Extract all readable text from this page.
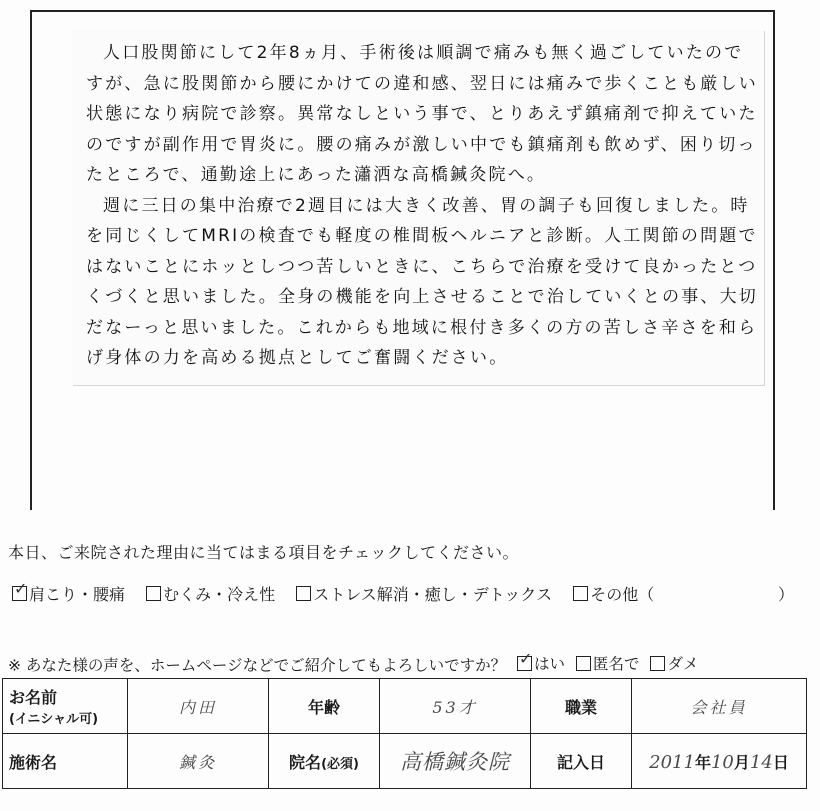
人口股関節にして2年8ヵ月、手術後は順調で痛みも無く過ごしていたのですが、急に股関節から腰にかけての違和感、翌日には痛みで歩くことも厳しい状態になり病院で診察。異常なしという事で、とりあえず鎮痛剤で抑えていたのですが副作用で胃炎に。腰の痛みが激しい中でも鎮痛剤も飲めず、困り切ったところで、通勤途上にあった瀟洒な高橋鍼灸院へ。

週に三日の集中治療で2週目には大きく改善、胃の調子も回復しました。時を同じくしてMRIの検査でも軽度の椎間板ヘルニアと診断。人工関節の問題ではないことにホッとしつつ苦しいときに、こちらで治療を受けて良かったとつくづくと思いました。全身の機能を向上させることで治していくとの事、大切だなーっと思いました。これからも地域に根付き多くの方の苦しさ辛さを和らげ身体の力を高める拠点としてご奮闘ください。

本日、ご来院された理由に当てはまる項目をチェックしてください。
✓ 肩こり・腰痛
むくみ・冷え性
ストレス解消・癒し・デトックス
その他（	）
※ あなた様の声を、ホームページなどでご紹介してもよろしいですか？ ✓ はい
匿名で
ダメ
お名前
(イニシャル可)	内田	年齢	53才	職業	会社員
施術名	鍼灸	院名(必須)	高橋鍼灸院	記入日	2011年10月14日
